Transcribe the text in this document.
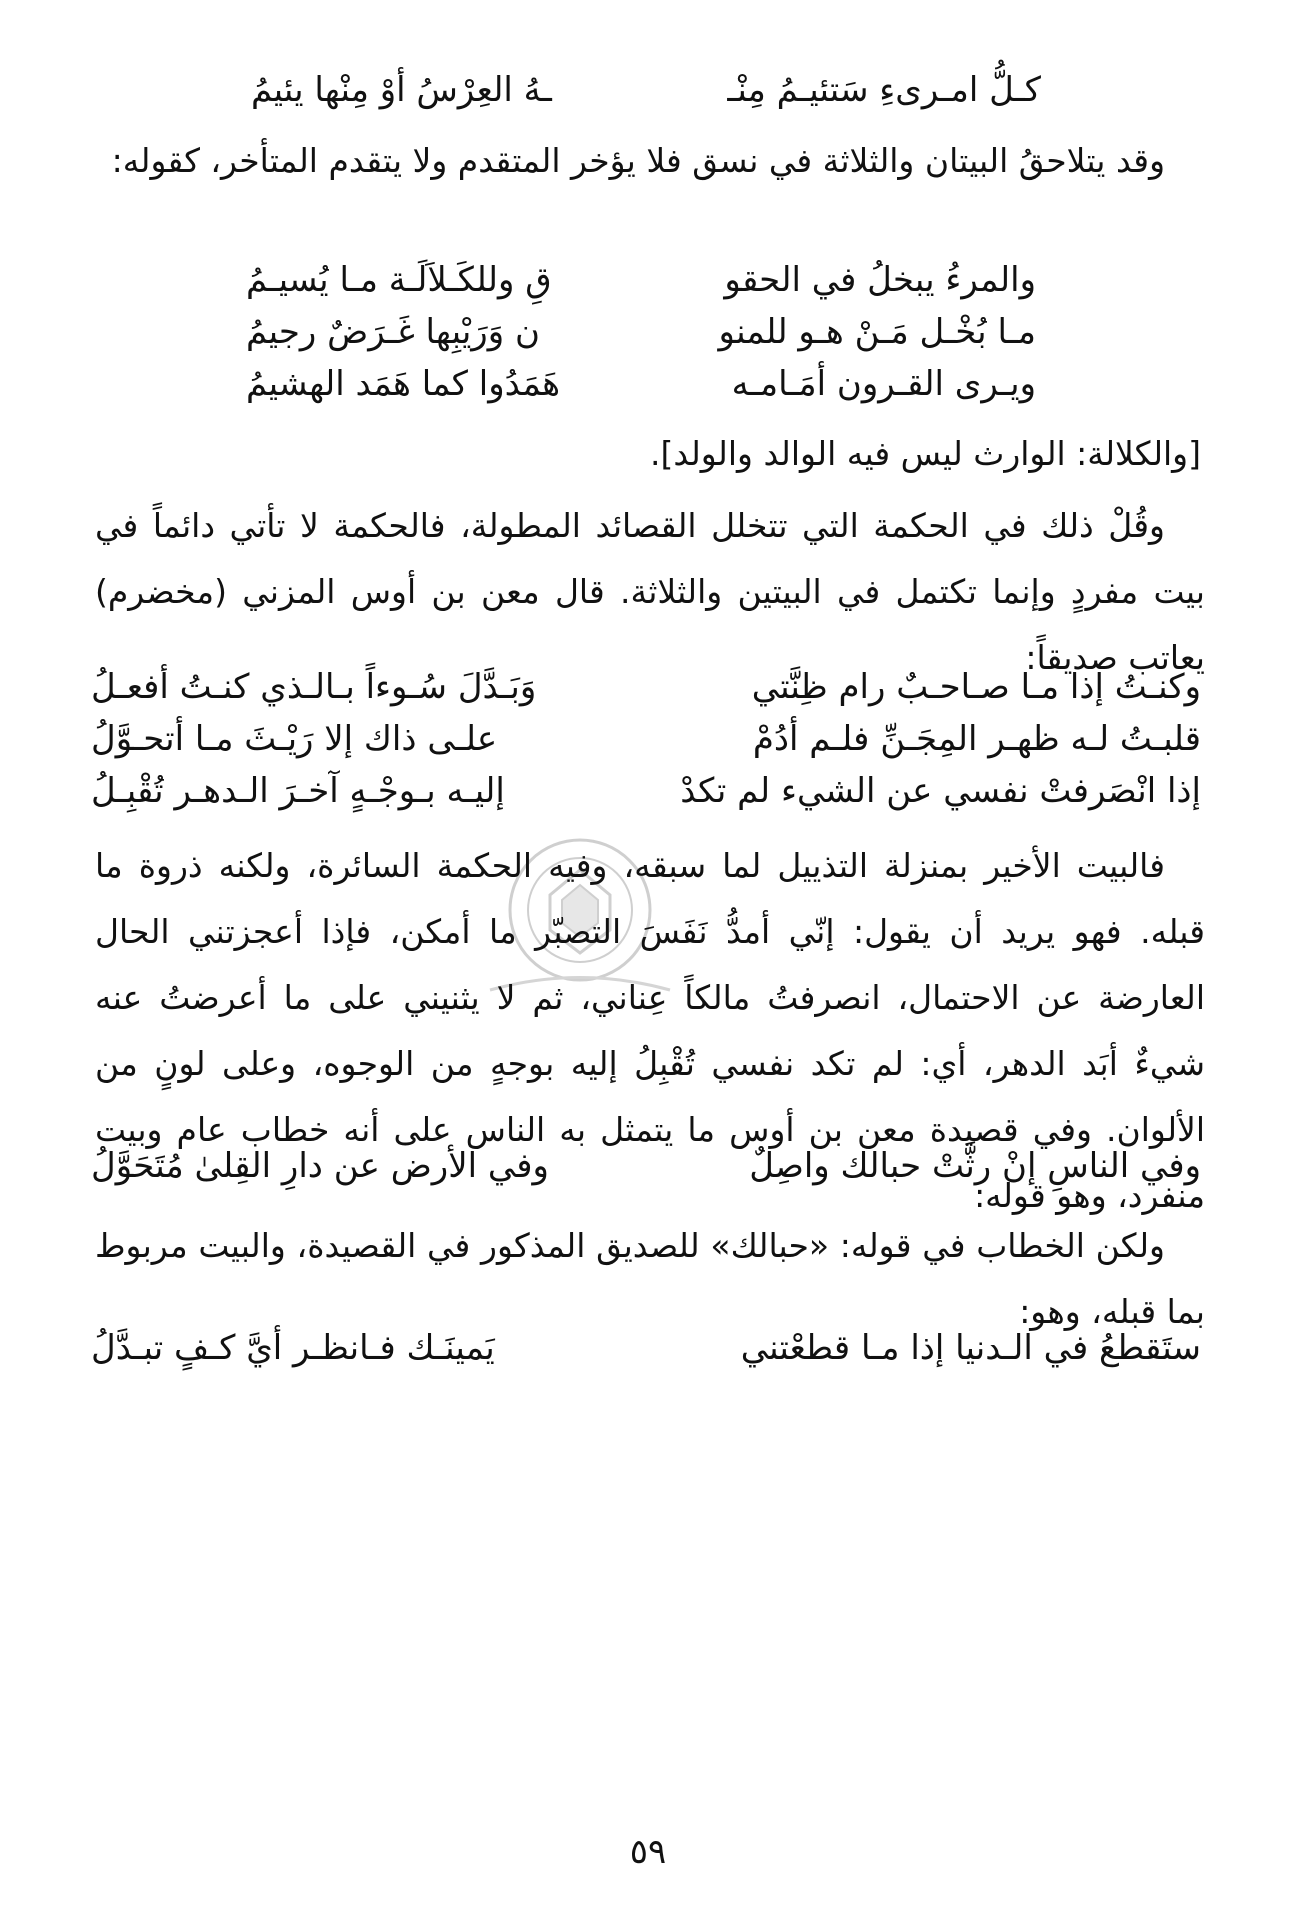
كـلُّ امـرىءِ سَتئيـمُ مِنْـ
ـهُ العِرْسُ أوْ مِنْها يئيمُ
وقد يتلاحقُ البيتان والثلاثة في نسق فلا يؤخر المتقدم ولا يتقدم المتأخر، كقوله:
والمرءُ يبخلُ في الحقو
قِ وللكَـلاَلَـة مـا يُسيـمُ
مـا بُخْـل مَـنْ هـو للمنو
ن وَرَيْبِها غَـرَضٌ رجيمُ
ويـرى القـرون أمَـامـه
هَمَدُوا كما هَمَد الهشيمُ
[والكلالة: الوارث ليس فيه الوالد والولد].
وقُلْ ذلك في الحكمة التي تتخلل القصائد المطولة، فالحكمة لا تأتي دائماً في بيت مفردٍ وإنما تكتمل في البيتين والثلاثة. قال معن بن أوس المزني (مخضرم) يعاتب صديقاً:
وكنـتُ إذا مـا صـاحـبٌ رام ظِنَّتي
وَبَـدَّلَ سُـوءاً بـالـذي كنـتُ أفعـلُ
قلبـتُ لـه ظهـر المِجَـنِّ فلـم أدُمْ
علـى ذاك إلا رَيْـثَ مـا أتحـوَّلُ
إذا انْصَرفتْ نفسي عن الشيء لم تكدْ
إليـه بـوجْـهٍ آخـرَ الـدهـر تُقْبِـلُ
فالبيت الأخير بمنزلة التذييل لما سبقه، وفيه الحكمة السائرة، ولكنه ذروة ما قبله. فهو يريد أن يقول: إنّي أمدُّ نَفَسَ التصبّر ما أمكن، فإذا أعجزتني الحال العارضة عن الاحتمال، انصرفتُ مالكاً عِناني، ثم لا يثنيني على ما أعرضتُ عنه شيءٌ أبَد الدهر، أي: لم تكد نفسي تُقْبِلُ إليه بوجهٍ من الوجوه، وعلى لونٍ من الألوان. وفي قصيدة معن بن أوس ما يتمثل به الناس على أنه خطاب عام وبيت منفرد، وهو قوله:
وفي الناسِ إنْ رثَّتْ حبالك واصِلٌ
وفي الأرض عن دارِ القِلىٰ مُتَحَوَّلُ
ولكن الخطاب في قوله: «حبالك» للصديق المذكور في القصيدة، والبيت مربوط بما قبله، وهو:
ستَقطعُ في الـدنيا إذا مـا قطعْتني
يَمينَـك فـانظـر أيَّ كـفٍ تبـدَّلُ
٥٩
